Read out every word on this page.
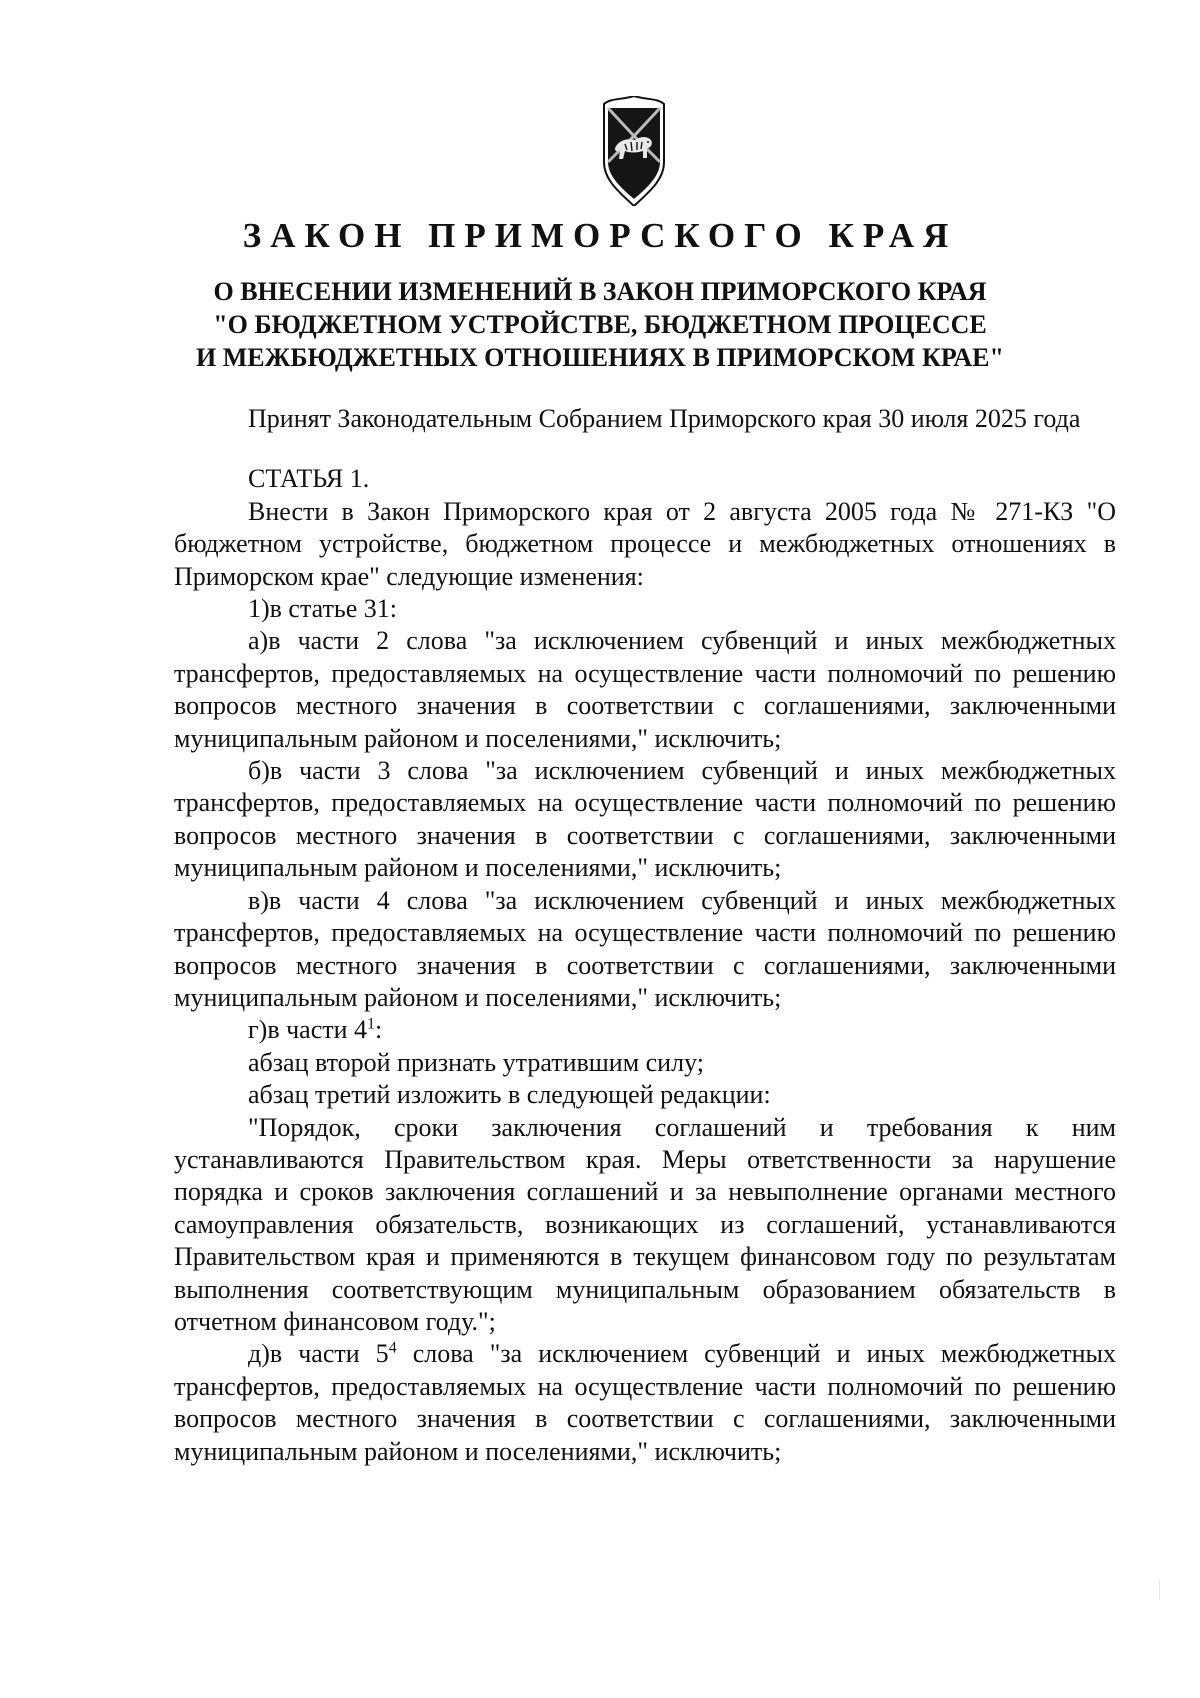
ЗАКОН ПРИМОРСКОГО КРАЯ
О ВНЕСЕНИИ ИЗМЕНЕНИЙ В ЗАКОН ПРИМОРСКОГО КРАЯ
"О БЮДЖЕТНОМ УСТРОЙСТВЕ, БЮДЖЕТНОМ ПРОЦЕССЕ
И МЕЖБЮДЖЕТНЫХ ОТНОШЕНИЯХ В ПРИМОРСКОМ КРАЕ"

Принят Законодательным Собранием Приморского края 30 июля 2025 года

СТАТЬЯ 1.

Внести в Закон Приморского края от 2 августа 2005 года № 271-КЗ "О бюджетном устройстве, бюджетном процессе и межбюджетных отношениях в Приморском крае" следующие изменения:

1)в статье 31:

а)в части 2 слова "за исключением субвенций и иных межбюджетных трансфертов, предоставляемых на осуществление части полномочий по решению вопросов местного значения в соответствии с соглашениями, заключенными муниципальным районом и поселениями," исключить;

б)в части 3 слова "за исключением субвенций и иных межбюджетных трансфертов, предоставляемых на осуществление части полномочий по решению вопросов местного значения в соответствии с соглашениями, заключенными муниципальным районом и поселениями," исключить;

в)в части 4 слова "за исключением субвенций и иных межбюджетных трансфертов, предоставляемых на осуществление части полномочий по решению вопросов местного значения в соответствии с соглашениями, заключенными муниципальным районом и поселениями," исключить;

г)в части $4^1$:

абзац второй признать утратившим силу;

абзац третий изложить в следующей редакции:

"Порядок, сроки заключения соглашений и требования к ним устанавливаются Правительством края. Меры ответственности за нарушение порядка и сроков заключения соглашений и за невыполнение органами местного самоуправления обязательств, возникающих из соглашений, устанавливаются Правительством края и применяются в текущем финансовом году по результатам выполнения соответствующим муниципальным образованием обязательств в отчетном финансовом году.";

д)в части $5^4$ слова "за исключением субвенций и иных межбюджетных трансфертов, предоставляемых на осуществление части полномочий по решению вопросов местного значения в соответствии с соглашениями, заключенными муниципальным районом и поселениями," исключить;
